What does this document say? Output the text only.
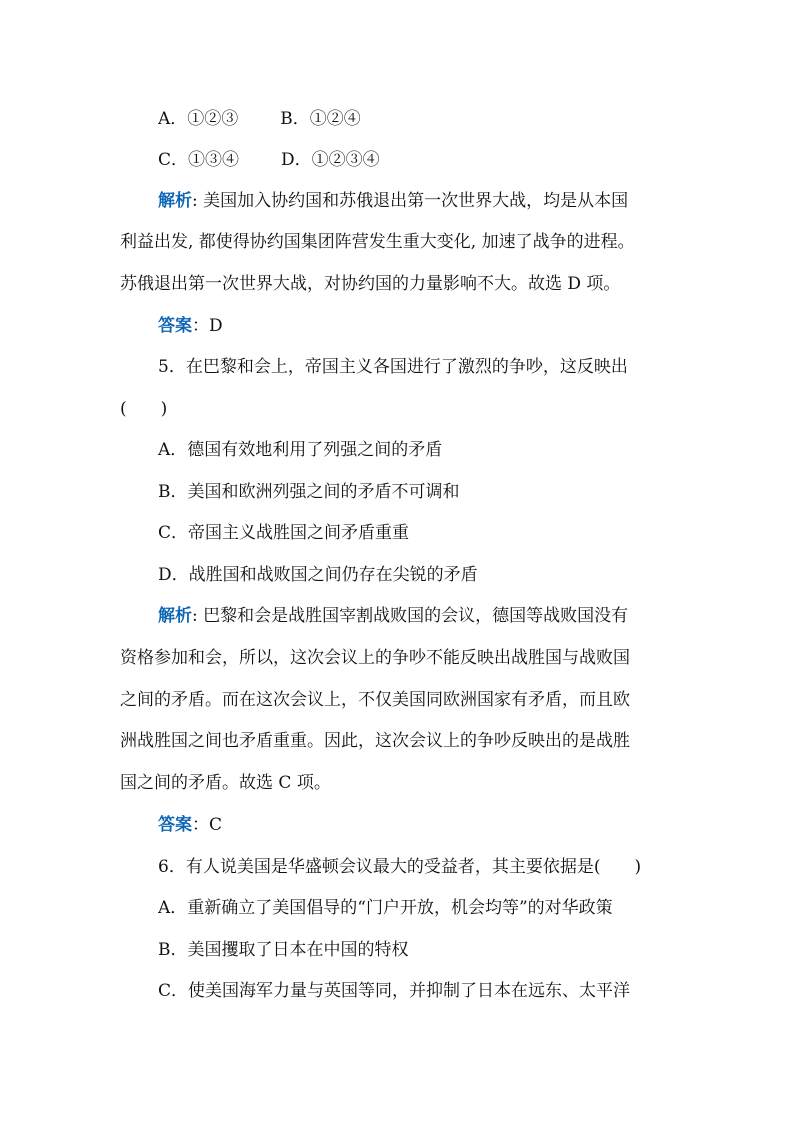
A．①②③ B．①②④
C．①③④ D．①②③④
解析: 美国加入协约国和苏俄退出第一次世界大战，均是从本国
利益出发, 都使得协约国集团阵营发生重大变化, 加速了战争的进程。
苏俄退出第一次世界大战，对协约国的力量影响不大。故选 D 项。
答案：D
5．在巴黎和会上，帝国主义各国进行了激烈的争吵，这反映出
(　　)
A．德国有效地利用了列强之间的矛盾
B．美国和欧洲列强之间的矛盾不可调和
C．帝国主义战胜国之间矛盾重重
D．战胜国和战败国之间仍存在尖锐的矛盾
解析: 巴黎和会是战胜国宰割战败国的会议，德国等战败国没有
资格参加和会，所以，这次会议上的争吵不能反映出战胜国与战败国
之间的矛盾。而在这次会议上，不仅美国同欧洲国家有矛盾，而且欧
洲战胜国之间也矛盾重重。因此，这次会议上的争吵反映出的是战胜
国之间的矛盾。故选 C 项。
答案：C
6．有人说美国是华盛顿会议最大的受益者，其主要依据是(　　)
A．重新确立了美国倡导的“门户开放，机会均等”的对华政策
B．美国攫取了日本在中国的特权
C．使美国海军力量与英国等同，并抑制了日本在远东、太平洋
